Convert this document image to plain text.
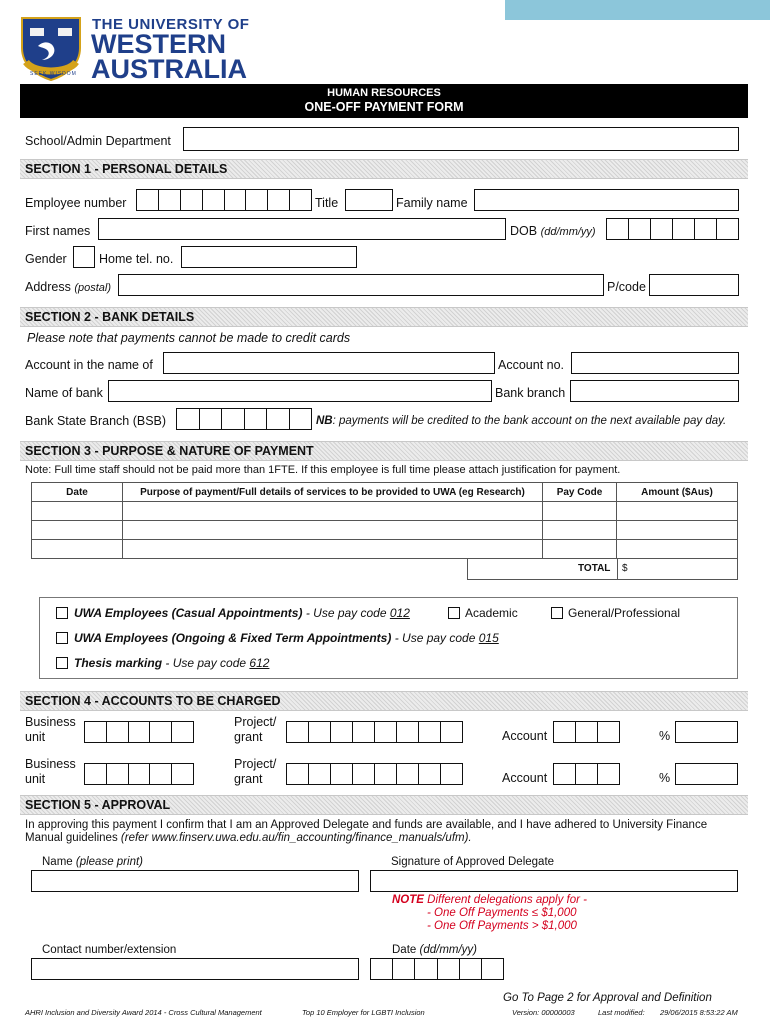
SEEK WISDOM
THE UNIVERSITY OF
WESTERN
AUSTRALIA
HUMAN RESOURCES
ONE-OFF PAYMENT FORM
School/Admin Department
SECTION 1 - PERSONAL DETAILS
Employee number	Title	Family name
First names	DOB (dd/mm/yy)
Gender	Home tel. no.
Address (postal)	P/code
SECTION 2 - BANK DETAILS
Please note that payments cannot be made to credit cards
Account in the name of	Account no.
Name of bank	Bank branch
Bank State Branch (BSB)	NB: payments will be credited to the bank account on the next available pay day.
SECTION 3 - PURPOSE & NATURE OF PAYMENT
Note: Full time staff should not be paid more than 1FTE. If this employee is full time please attach justification for payment.
Date	Purpose of payment/Full details of services to be provided to UWA (eg Research)	Pay Code	Amount ($Aus)

TOTAL $
UWA Employees (Casual Appointments) - Use pay code 012	Academic	General/Professional
UWA Employees (Ongoing & Fixed Term Appointments) - Use pay code 015
Thesis marking - Use pay code 612
SECTION 4 - ACCOUNTS TO BE CHARGED
Business
unit
Project/
grant	Account	%
Business
unit
Project/
grant	Account	%
SECTION 5 - APPROVAL
In approving this payment I confirm that I am an Approved Delegate and funds are available, and I have adhered to University Finance
Manual guidelines (refer www.finserv.uwa.edu.au/fin_accounting/finance_manuals/ufm).
Name (please print)	Signature of Approved Delegate
NOTE Different delegations apply for -
- One Off Payments ≤ $1,000
- One Off Payments > $1,000
Contact number/extension	Date (dd/mm/yy)
Go To Page 2 for Approval and Definition
AHRI Inclusion and Diversity Award 2014 - Cross Cultural Management	Top 10 Employer for LGBTI Inclusion	Version: 00000003	Last modified: 29/06/2015 8:53:22 AM
